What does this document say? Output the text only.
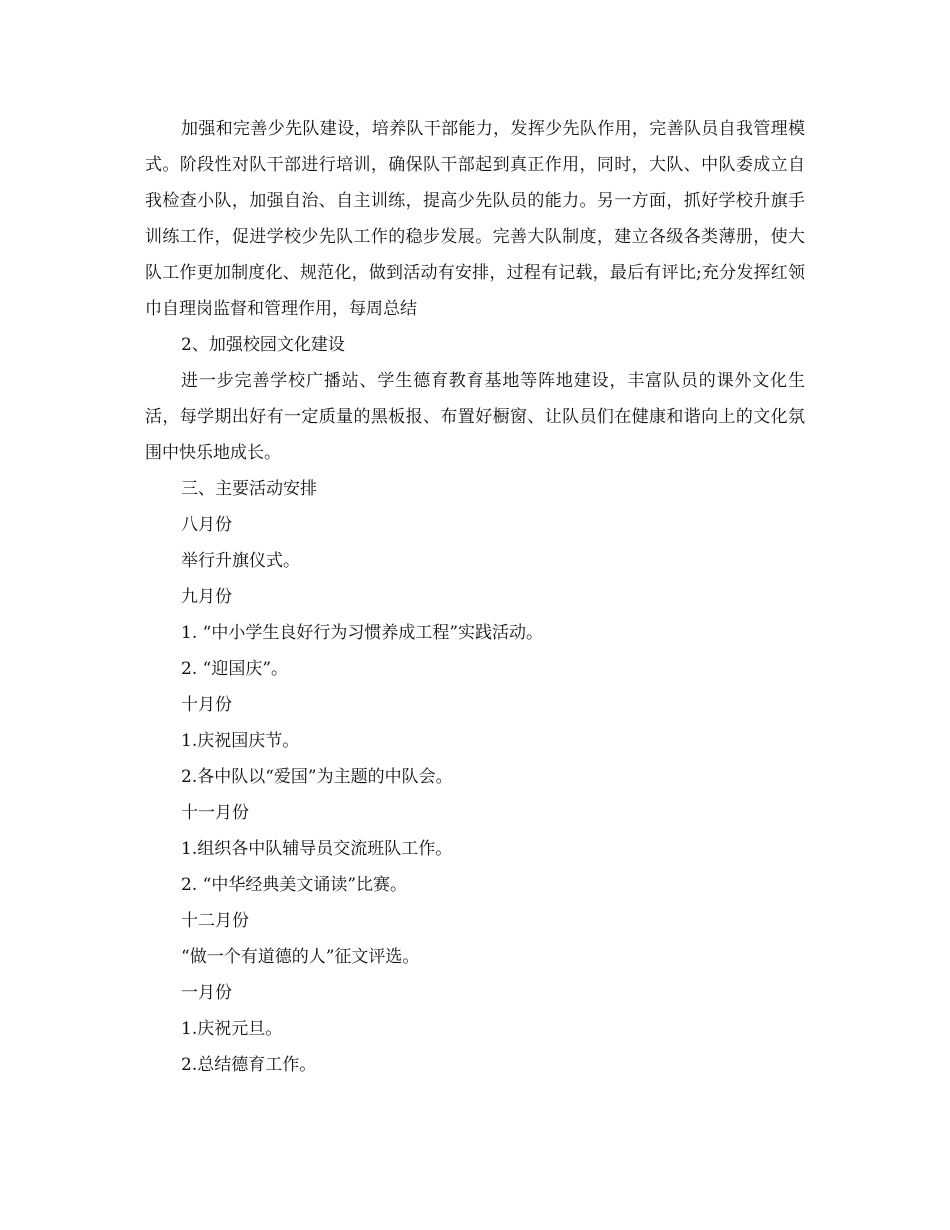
加强和完善少先队建设，培养队干部能力，发挥少先队作用，完善队员自我管理模式。阶段性对队干部进行培训，确保队干部起到真正作用，同时，大队、中队委成立自我检查小队，加强自治、自主训练，提高少先队员的能力。另一方面，抓好学校升旗手训练工作，促进学校少先队工作的稳步发展。完善大队制度，建立各级各类薄册，使大队工作更加制度化、规范化，做到活动有安排，过程有记载，最后有评比;充分发挥红领巾自理岗监督和管理作用，每周总结

2、加强校园文化建设

进一步完善学校广播站、学生德育教育基地等阵地建设，丰富队员的课外文化生活，每学期出好有一定质量的黑板报、布置好橱窗、让队员们在健康和谐向上的文化氛围中快乐地成长。

三、主要活动安排

八月份

举行升旗仪式。

九月份

1. “中小学生良好行为习惯养成工程”实践活动。

2. “迎国庆”。

十月份

1.庆祝国庆节。

2.各中队以“爱国”为主题的中队会。

十一月份

1.组织各中队辅导员交流班队工作。

2. “中华经典美文诵读”比赛。

十二月份

“做一个有道德的人”征文评选。

一月份

1.庆祝元旦。

2.总结德育工作。
